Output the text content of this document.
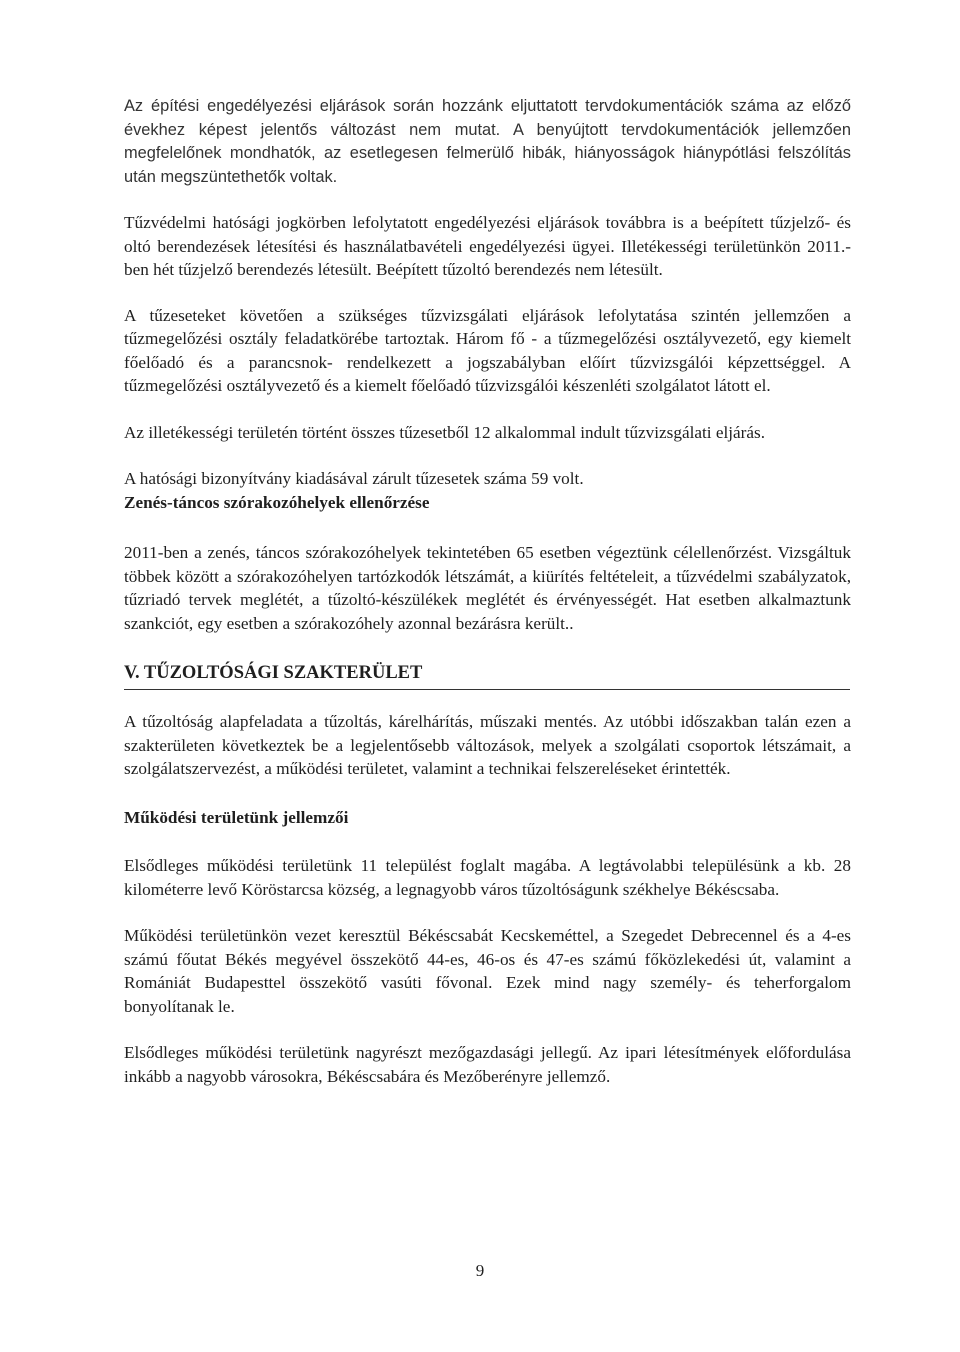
Az építési engedélyezési eljárások során hozzánk eljuttatott tervdokumentációk száma az előző évekhez képest jelentős változást nem mutat. A benyújtott tervdokumentációk jellemzően megfelelőnek mondhatók, az esetlegesen felmerülő hibák, hiányosságok hiánypótlási felszólítás után megszüntethetők voltak.

Tűzvédelmi hatósági jogkörben lefolytatott engedélyezési eljárások továbbra is a beépített tűzjelző- és oltó berendezések létesítési és használatbavételi engedélyezési ügyei. Illetékességi területünkön 2011.-ben hét tűzjelző berendezés létesült. Beépített tűzoltó berendezés nem létesült.

A tűzeseteket követően a szükséges tűzvizsgálati eljárások lefolytatása szintén jellemzően a tűzmegelőzési osztály feladatkörébe tartoztak. Három fő - a tűzmegelőzési osztályvezető, egy kiemelt főelőadó és a parancsnok- rendelkezett a jogszabályban előírt tűzvizsgálói képzettséggel. A tűzmegelőzési osztályvezető és a kiemelt főelőadó tűzvizsgálói készenléti szolgálatot látott el.

Az illetékességi területén történt összes tűzesetből 12 alkalommal indult tűzvizsgálati eljárás.

A hatósági bizonyítvány kiadásával zárult tűzesetek száma 59 volt.

Zenés-táncos szórakozóhelyek ellenőrzése

2011-ben a zenés, táncos szórakozóhelyek tekintetében 65 esetben végeztünk célellenőrzést. Vizsgáltuk többek között a szórakozóhelyen tartózkodók létszámát, a kiürítés feltételeit, a tűzvédelmi szabályzatok, tűzriadó tervek meglétét, a tűzoltó-készülékek meglétét és érvényességét. Hat esetben alkalmaztunk szankciót, egy esetben a szórakozóhely azonnal bezárásra került..

V. TŰZOLTÓSÁGI SZAKTERÜLET

A tűzoltóság alapfeladata a tűzoltás, kárelhárítás, műszaki mentés. Az utóbbi időszakban talán ezen a szakterületen következtek be a legjelentősebb változások, melyek a szolgálati csoportok létszámait, a szolgálatszervezést, a működési területet, valamint a technikai felszereléseket érintették.

Működési területünk jellemzői

Elsődleges működési területünk 11 települést foglalt magába. A legtávolabbi településünk a kb. 28 kilométerre levő Köröstarcsa község, a legnagyobb város tűzoltóságunk székhelye Békéscsaba.

Működési területünkön vezet keresztül Békéscsabát Kecskeméttel, a Szegedet Debrecennel és a 4-es számú főutat Békés megyével összekötő 44-es, 46-os és 47-es számú főközlekedési út, valamint a Romániát Budapesttel összekötő vasúti fővonal. Ezek mind nagy személy- és teherforgalom bonyolítanak le.

Elsődleges működési területünk nagyrészt mezőgazdasági jellegű. Az ipari létesítmények előfordulása inkább a nagyobb városokra, Békéscsabára és Mezőberényre jellemző.

9
